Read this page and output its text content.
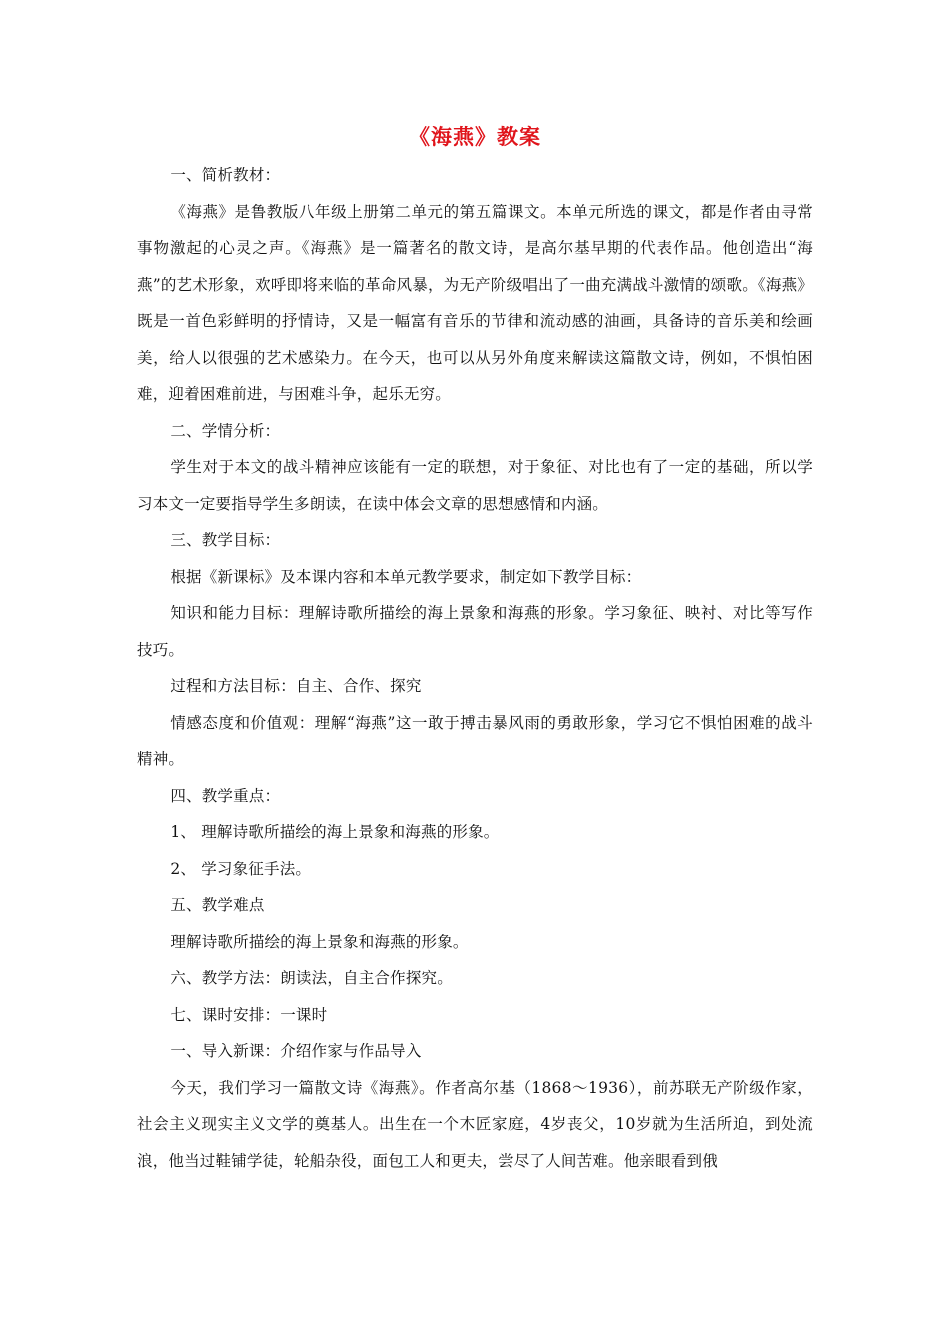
《海燕》教案

一、简析教材：

《海燕》是鲁教版八年级上册第二单元的第五篇课文。本单元所选的课文，都是作者由寻常事物激起的心灵之声。《海燕》是一篇著名的散文诗，是高尔基早期的代表作品。他创造出“海燕”的艺术形象，欢呼即将来临的革命风暴，为无产阶级唱出了一曲充满战斗激情的颂歌。《海燕》既是一首色彩鲜明的抒情诗，又是一幅富有音乐的节律和流动感的油画，具备诗的音乐美和绘画美，给人以很强的艺术感染力。在今天，也可以从另外角度来解读这篇散文诗，例如，不惧怕困难，迎着困难前进，与困难斗争，起乐无穷。

二、学情分析：

学生对于本文的战斗精神应该能有一定的联想，对于象征、对比也有了一定的基础，所以学习本文一定要指导学生多朗读，在读中体会文章的思想感情和内涵。

三、教学目标：

根据《新课标》及本课内容和本单元教学要求，制定如下教学目标：

知识和能力目标：理解诗歌所描绘的海上景象和海燕的形象。学习象征、映衬、对比等写作技巧。

过程和方法目标：自主、合作、探究

情感态度和价值观：理解“海燕”这一敢于搏击暴风雨的勇敢形象，学习它不惧怕困难的战斗精神。

四、教学重点：

1、 理解诗歌所描绘的海上景象和海燕的形象。

2、 学习象征手法。

五、教学难点

理解诗歌所描绘的海上景象和海燕的形象。

六、教学方法：朗读法，自主合作探究。

七、课时安排：一课时

一、导入新课：介绍作家与作品导入

今天，我们学习一篇散文诗《海燕》。作者高尔基（1868～1936），前苏联无产阶级作家，社会主义现实主义文学的奠基人。出生在一个木匠家庭，4岁丧父，10岁就为生活所迫，到处流浪，他当过鞋铺学徒，轮船杂役，面包工人和更夫，尝尽了人间苦难。他亲眼看到俄
